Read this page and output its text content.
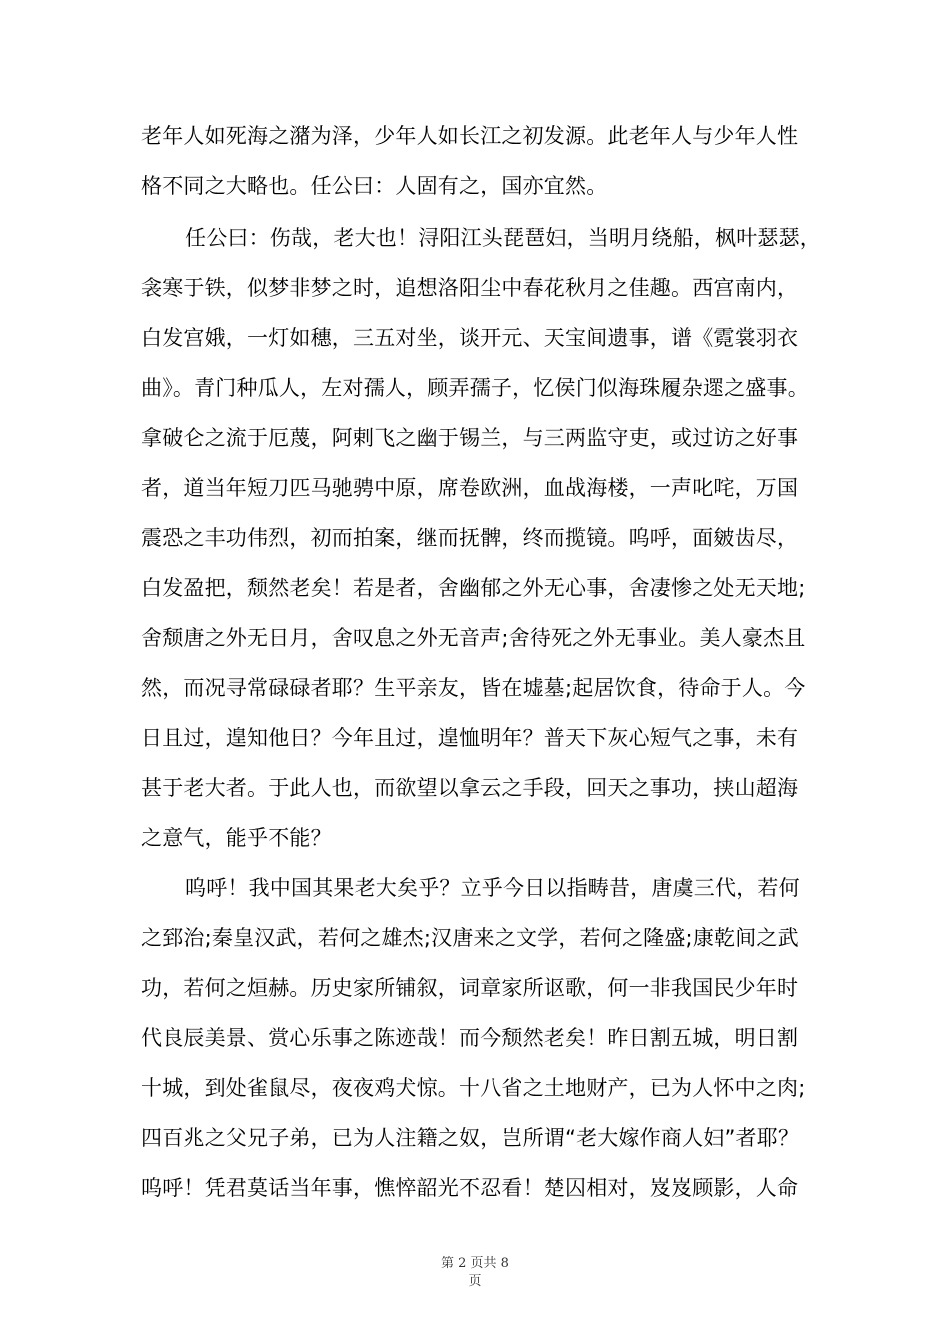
老年人如死海之潴为泽，少年人如长江之初发源。此老年人与少年人性
格不同之大略也。任公曰：人固有之，国亦宜然。
任公曰：伤哉，老大也！浔阳江头琵琶妇，当明月绕船，枫叶瑟瑟，
衾寒于铁，似梦非梦之时，追想洛阳尘中春花秋月之佳趣。西宫南内，
白发宫娥，一灯如穗，三五对坐，谈开元、天宝间遗事，谱《霓裳羽衣
曲》。青门种瓜人，左对孺人，顾弄孺子，忆侯门似海珠履杂遝之盛事。
拿破仑之流于厄蔑，阿剌飞之幽于锡兰，与三两监守吏，或过访之好事
者，道当年短刀匹马驰骋中原，席卷欧洲，血战海楼，一声叱咤，万国
震恐之丰功伟烈，初而拍案，继而抚髀，终而揽镜。呜呼，面皴齿尽，
白发盈把，颓然老矣！若是者，舍幽郁之外无心事，舍凄惨之处无天地;
舍颓唐之外无日月，舍叹息之外无音声;舍待死之外无事业。美人豪杰且
然，而况寻常碌碌者耶？生平亲友，皆在墟墓;起居饮食，待命于人。今
日且过，遑知他日？今年且过，遑恤明年？普天下灰心短气之事，未有
甚于老大者。于此人也，而欲望以拿云之手段，回天之事功，挟山超海
之意气，能乎不能？
呜呼！我中国其果老大矣乎？立乎今日以指畴昔，唐虞三代，若何
之郅治;秦皇汉武，若何之雄杰;汉唐来之文学，若何之隆盛;康乾间之武
功，若何之烜赫。历史家所铺叙，词章家所讴歌，何一非我国民少年时
代良辰美景、赏心乐事之陈迹哉！而今颓然老矣！昨日割五城，明日割
十城，到处雀鼠尽，夜夜鸡犬惊。十八省之土地财产，已为人怀中之肉;
四百兆之父兄子弟，已为人注籍之奴，岂所谓“老大嫁作商人妇”者耶？
呜呼！凭君莫话当年事，憔悴韶光不忍看！楚囚相对，岌岌顾影，人命
第 2 页共 8
页
